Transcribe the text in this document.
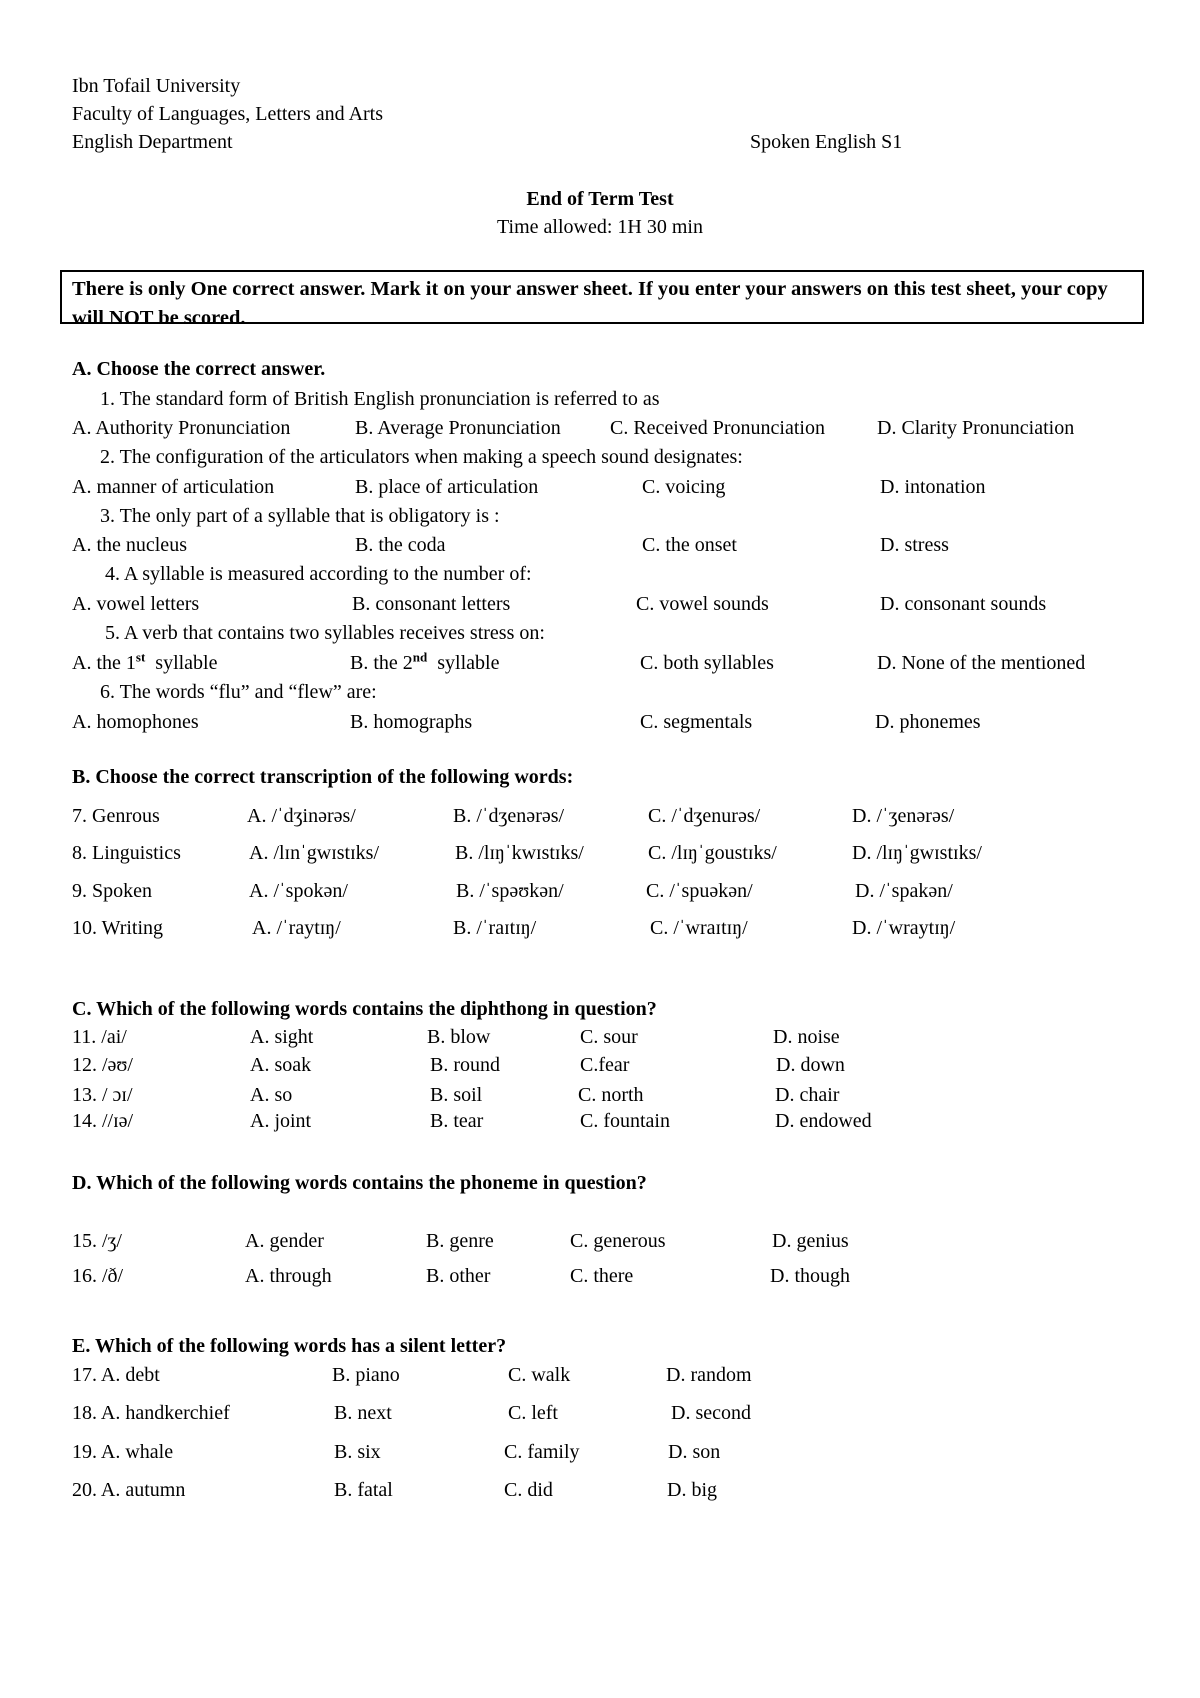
Ibn Tofail University
Faculty of Languages, Letters and Arts
English Department	Spoken English S1
End of Term Test
Time allowed: 1H 30 min
There is only One correct answer. Mark it on your answer sheet. If you enter your answers on this test sheet, your copy will NOT be scored.
A. Choose the correct answer.
1. The standard form of British English pronunciation is referred to as
A. Authority Pronunciation	B. Average Pronunciation C. Received Pronunciation	D. Clarity Pronunciation
2. The configuration of the articulators when making a speech sound designates:
A. manner of articulation	B. place of articulation	C. voicing	D. intonation
3. The only part of a syllable that is obligatory is :
A. the nucleus	B. the coda	C. the onset	D. stress
4. A syllable is measured according to the number of:
A. vowel letters	B. consonant letters	C. vowel sounds	D. consonant sounds
5. A verb that contains two syllables receives stress on:
A. the 1st  syllable	B. the 2nd  syllable	C. both syllables	D. None of the mentioned
6. The words “flu” and “flew” are:
A. homophones	B. homographs	C. segmentals	D. phonemes
B. Choose the correct transcription of the following words:
7. Genrous	A. /ˈdʒinərəs/	B. /ˈdʒenərəs/	C. /ˈdʒenurəs/	D. /ˈʒenərəs/
8. Linguistics	A. /lɪnˈgwɪstɪks/	B. /lɪŋˈkwɪstɪks/	C. /lɪŋˈgoustɪks/	D. /lɪŋˈgwɪstɪks/
9. Spoken	A. /ˈspokən/	B. /ˈspəʊkən/	C. /ˈspuəkən/	D. /ˈspakən/
10. Writing	A. /ˈraytɪŋ/	B. /ˈraɪtɪŋ/	C. /ˈwraɪtɪŋ/	D. /ˈwraytɪŋ/
C. Which of the following words contains the diphthong in question?
11. /ai/	A. sight	B. blow	C. sour	D. noise
12. /əʊ/	A. soak	B. round	C.fear	D. down
13. / ɔɪ/	A. so	B. soil	C. north	D. chair
14. //ɪə/	A. joint	B. tear	C. fountain	D. endowed
D. Which of the following words contains the phoneme in question?
15. /ʒ/	A. gender	B. genre	C. generous	D. genius
16. /ð/	A. through	B. other	C. there	D. though
E. Which of the following words has a silent letter?
17. A. debt	B. piano	C. walk	D. random
18. A. handkerchief	B. next	C. left	D. second
19. A. whale	B. six	C. family	D. son
20. A. autumn	B. fatal	C. did	D. big
